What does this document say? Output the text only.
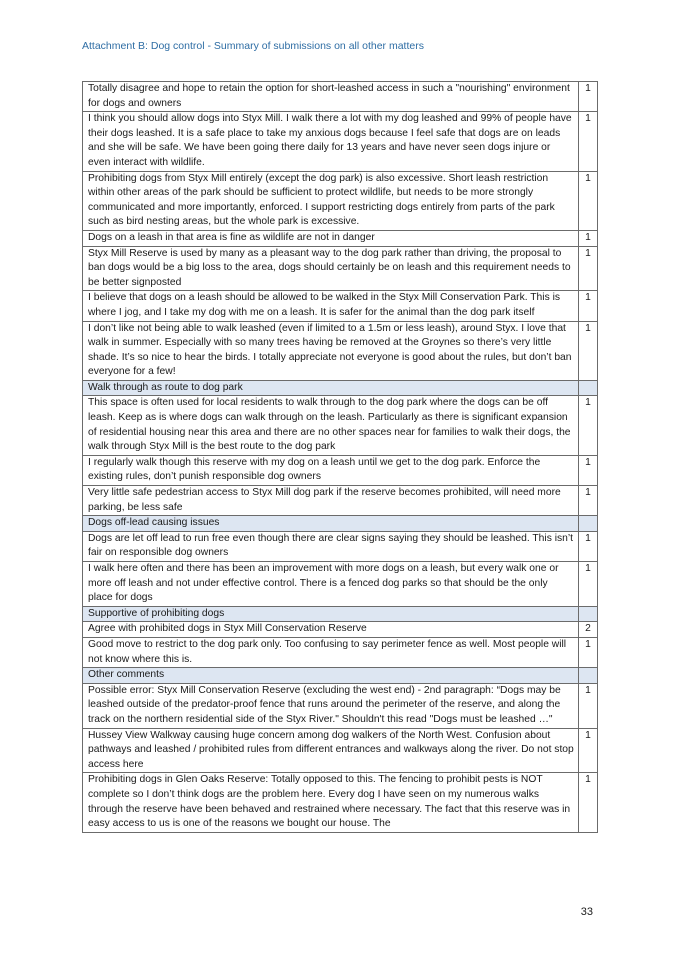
Attachment B: Dog control - Summary of submissions on all other matters
Totally disagree and hope to retain the option for short-leashed access in such a "nourishing" environment for dogs and owners	1
I think you should allow dogs into Styx Mill. I walk there a lot with my dog leashed and 99% of people have their dogs leashed. It is a safe place to take my anxious dogs because I feel safe that dogs are on leads and she will be safe. We have been going there daily for 13 years and have never seen dogs injure or even interact with wildlife.	1
Prohibiting dogs from Styx Mill entirely (except the dog park) is also excessive. Short leash restriction within other areas of the park should be sufficient to protect wildlife, but needs to be more strongly communicated and more importantly, enforced. I support restricting dogs entirely from parts of the park such as bird nesting areas, but the whole park is excessive.	1
Dogs on a leash in that area is fine as wildlife are not in danger	1
Styx Mill Reserve is used by many as a pleasant way to the dog park rather than driving, the proposal to ban dogs would be a big loss to the area, dogs should certainly be on leash and this requirement needs to be better signposted	1
I believe that dogs on a leash should be allowed to be walked in the Styx Mill Conservation Park. This is where I jog, and I take my dog with me on a leash. It is safer for the animal than the dog park itself	1
I don’t like not being able to walk leashed (even if limited to a 1.5m or less leash), around Styx. I love that walk in summer. Especially with so many trees having be removed at the Groynes so there’s very little shade. It’s so nice to hear the birds. I totally appreciate not everyone is good about the rules, but don’t ban everyone for a few!	1
Walk through as route to dog park	
This space is often used for local residents to walk through to the dog park where the dogs can be off leash. Keep as is where dogs can walk through on the leash. Particularly as there is significant expansion of residential housing near this area and there are no other spaces near for families to walk their dogs, the walk through Styx Mill is the best route to the dog park	1
I regularly walk though this reserve with my dog on a leash until we get to the dog park. Enforce the existing rules, don’t punish responsible dog owners	1
Very little safe pedestrian access to Styx Mill dog park if the reserve becomes prohibited, will need more parking, be less safe	1
Dogs off-lead causing issues	
Dogs are let off lead to run free even though there are clear signs saying they should be leashed. This isn’t fair on responsible dog owners	1
I walk here often and there has been an improvement with more dogs on a leash, but every walk one or more off leash and not under effective control. There is a fenced dog parks so that should be the only place for dogs	1
Supportive of prohibiting dogs	
Agree with prohibited dogs in Styx Mill Conservation Reserve	2
Good move to restrict to the dog park only. Too confusing to say perimeter fence as well. Most people will not know where this is.	1
Other comments	
Possible error: Styx Mill Conservation Reserve (excluding the west end) - 2nd paragraph: “Dogs may be leashed outside of the predator-proof fence that runs around the perimeter of the reserve, and along the track on the northern residential side of the Styx River." Shouldn't this read "Dogs must be leashed …"	1
Hussey View Walkway causing huge concern among dog walkers of the North West. Confusion about pathways and leashed / prohibited rules from different entrances and walkways along the river. Do not stop access here	1
Prohibiting dogs in Glen Oaks Reserve: Totally opposed to this. The fencing to prohibit pests is NOT complete so I don’t think dogs are the problem here. Every dog I have seen on my numerous walks through the reserve have been behaved and restrained where necessary. The fact that this reserve was in easy access to us is one of the reasons we bought our house. The	1
33
